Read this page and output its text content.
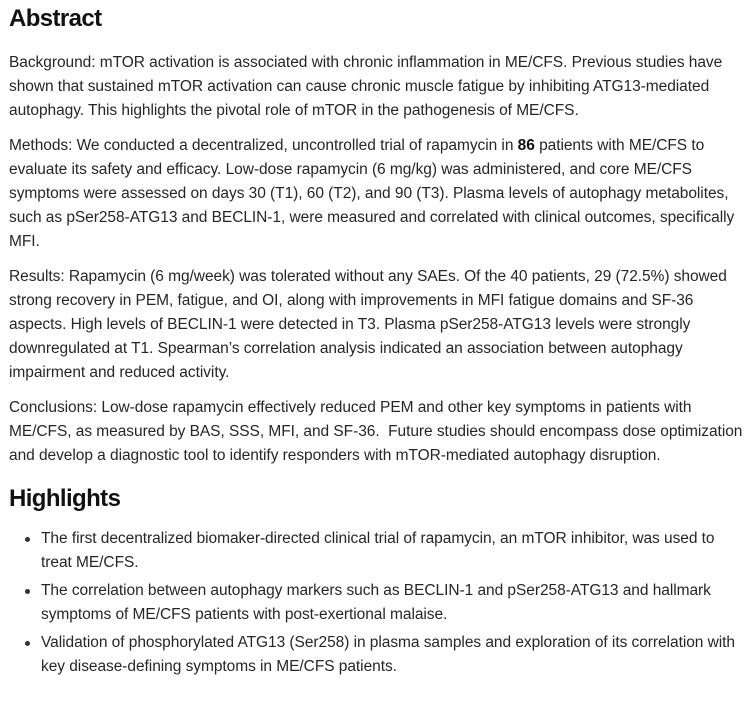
Abstract

Background: mTOR activation is associated with chronic inflammation in ME/CFS. Previous studies have shown that sustained mTOR activation can cause chronic muscle fatigue by inhibiting ATG13-mediated autophagy. This highlights the pivotal role of mTOR in the pathogenesis of ME/CFS.

Methods: We conducted a decentralized, uncontrolled trial of rapamycin in 86 patients with ME/CFS to evaluate its safety and efficacy. Low-dose rapamycin (6 mg/kg) was administered, and core ME/CFS symptoms were assessed on days 30 (T1), 60 (T2), and 90 (T3). Plasma levels of autophagy metabolites, such as pSer258-ATG13 and BECLIN-1, were measured and correlated with clinical outcomes, specifically MFI.

Results: Rapamycin (6 mg/week) was tolerated without any SAEs. Of the 40 patients, 29 (72.5%) showed strong recovery in PEM, fatigue, and OI, along with improvements in MFI fatigue domains and SF-36 aspects. High levels of BECLIN-1 were detected in T3. Plasma pSer258-ATG13 levels were strongly downregulated at T1. Spearman’s correlation analysis indicated an association between autophagy impairment and reduced activity.

Conclusions: Low-dose rapamycin effectively reduced PEM and other key symptoms in patients with ME/CFS, as measured by BAS, SSS, MFI, and SF-36.  Future studies should encompass dose optimization and develop a diagnostic tool to identify responders with mTOR-mediated autophagy disruption.

Highlights
The first decentralized biomaker-directed clinical trial of rapamycin, an mTOR inhibitor, was used to treat ME/CFS.
The correlation between autophagy markers such as BECLIN-1 and pSer258-ATG13 and hallmark symptoms of ME/CFS patients with post-exertional malaise.
Validation of phosphorylated ATG13 (Ser258) in plasma samples and exploration of its correlation with key disease-defining symptoms in ME/CFS patients.
